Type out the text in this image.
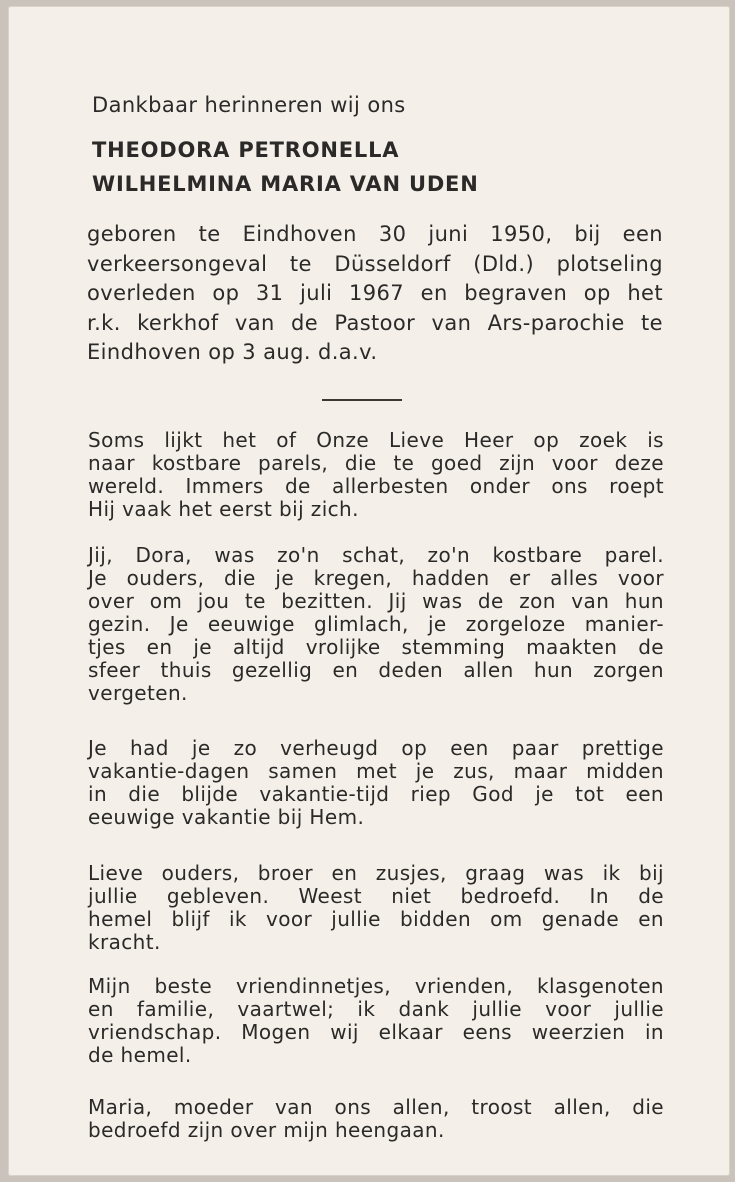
Dankbaar herinneren wij ons
THEODORA PETRONELLA
WILHELMINA MARIA VAN UDEN
geboren te Eindhoven 30 juni 1950, bij een
verkeersongeval te Düsseldorf (Dld.) plotseling
overleden op 31 juli 1967 en begraven op het
r.k. kerkhof van de Pastoor van Ars-parochie te
Eindhoven op 3 aug. d.a.v.
Soms lijkt het of Onze Lieve Heer op zoek is
naar kostbare parels, die te goed zijn voor deze
wereld. Immers de allerbesten onder ons roept
Hij vaak het eerst bij zich.
Jij, Dora, was zo'n schat, zo'n kostbare parel.
Je ouders, die je kregen, hadden er alles voor
over om jou te bezitten. Jij was de zon van hun
gezin. Je eeuwige glimlach, je zorgeloze manier-
tjes en je altijd vrolijke stemming maakten de
sfeer thuis gezellig en deden allen hun zorgen
vergeten.
Je had je zo verheugd op een paar prettige
vakantie-dagen samen met je zus, maar midden
in die blijde vakantie-tijd riep God je tot een
eeuwige vakantie bij Hem.
Lieve ouders, broer en zusjes, graag was ik bij
jullie gebleven. Weest niet bedroefd. In de
hemel blijf ik voor jullie bidden om genade en
kracht.
Mijn beste vriendinnetjes, vrienden, klasgenoten
en familie, vaartwel; ik dank jullie voor jullie
vriendschap. Mogen wij elkaar eens weerzien in
de hemel.
Maria, moeder van ons allen, troost allen, die
bedroefd zijn over mijn heengaan.
